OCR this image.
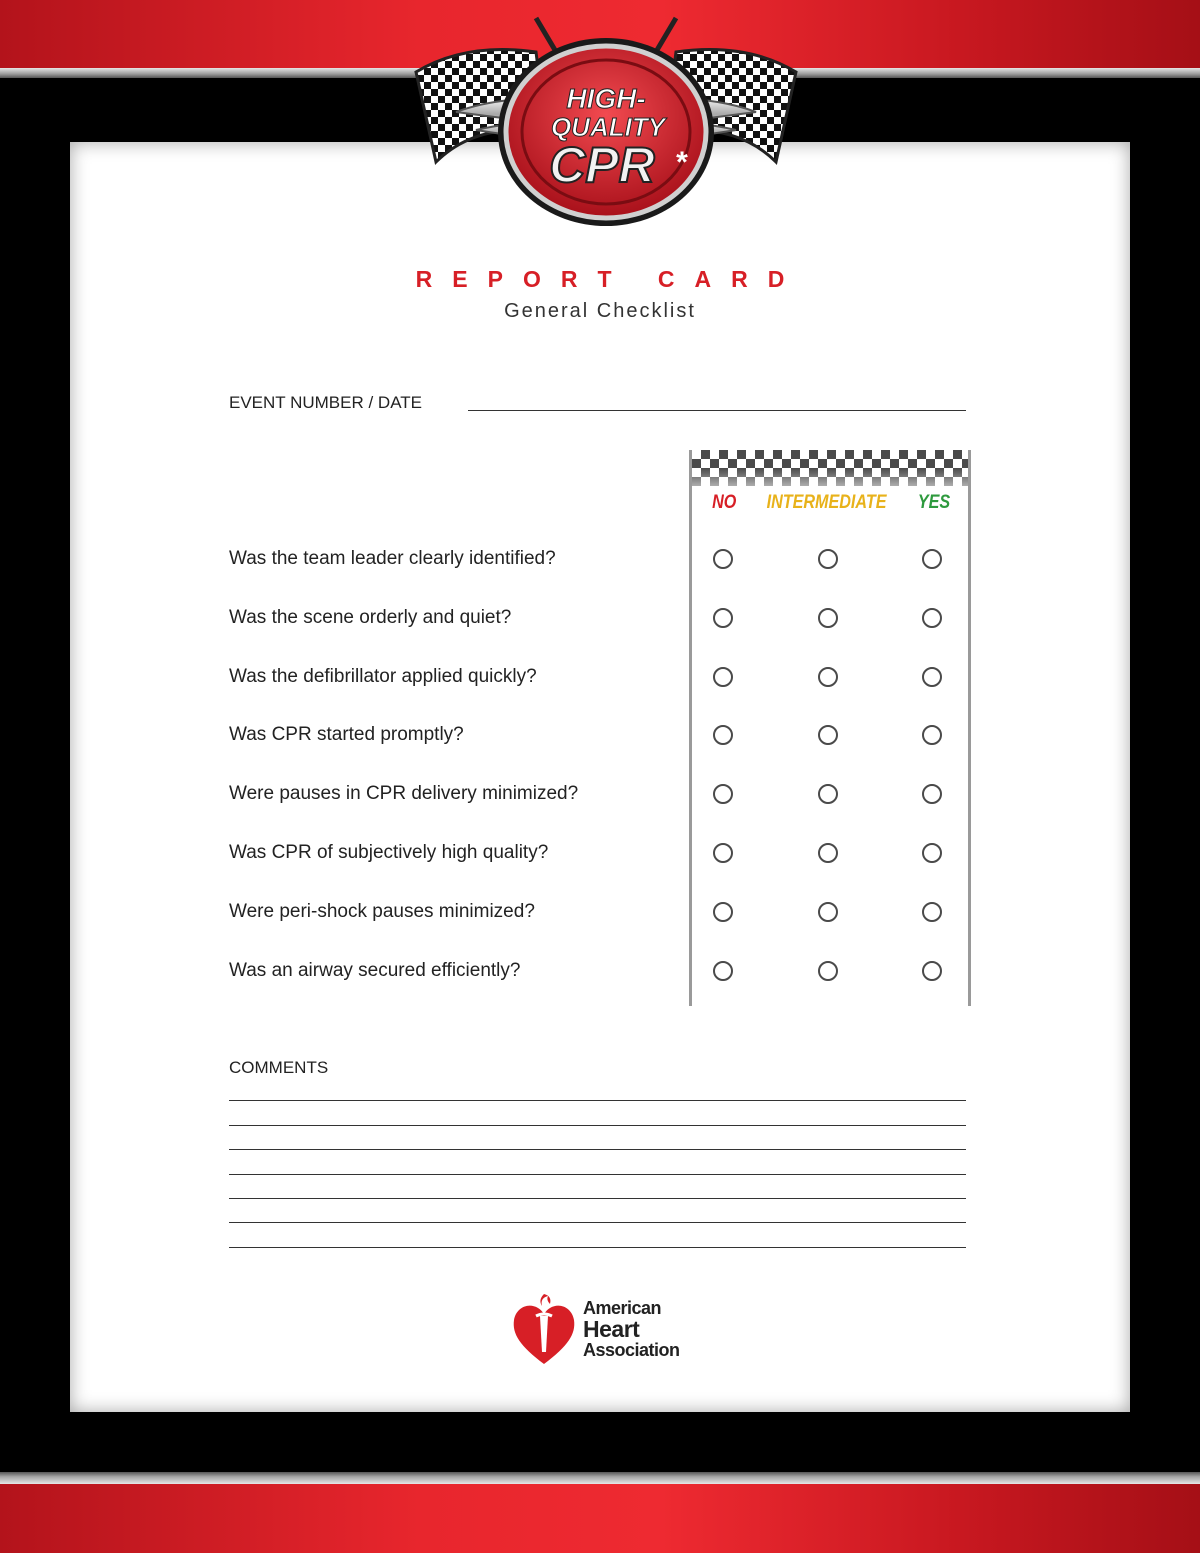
HIGH-
QUALITY
CPR *
REPORT CARD
General Checklist
EVENT NUMBER / DATE
NO INTERMEDIATE YES
Was the team leader clearly identified?
Was the scene orderly and quiet?
Was the defibrillator applied quickly?
Was CPR started promptly?
Were pauses in CPR delivery minimized?
Was CPR of subjectively high quality?
Were peri-shock pauses minimized?
Was an airway secured efficiently?
COMMENTS
American
Heart
Association
